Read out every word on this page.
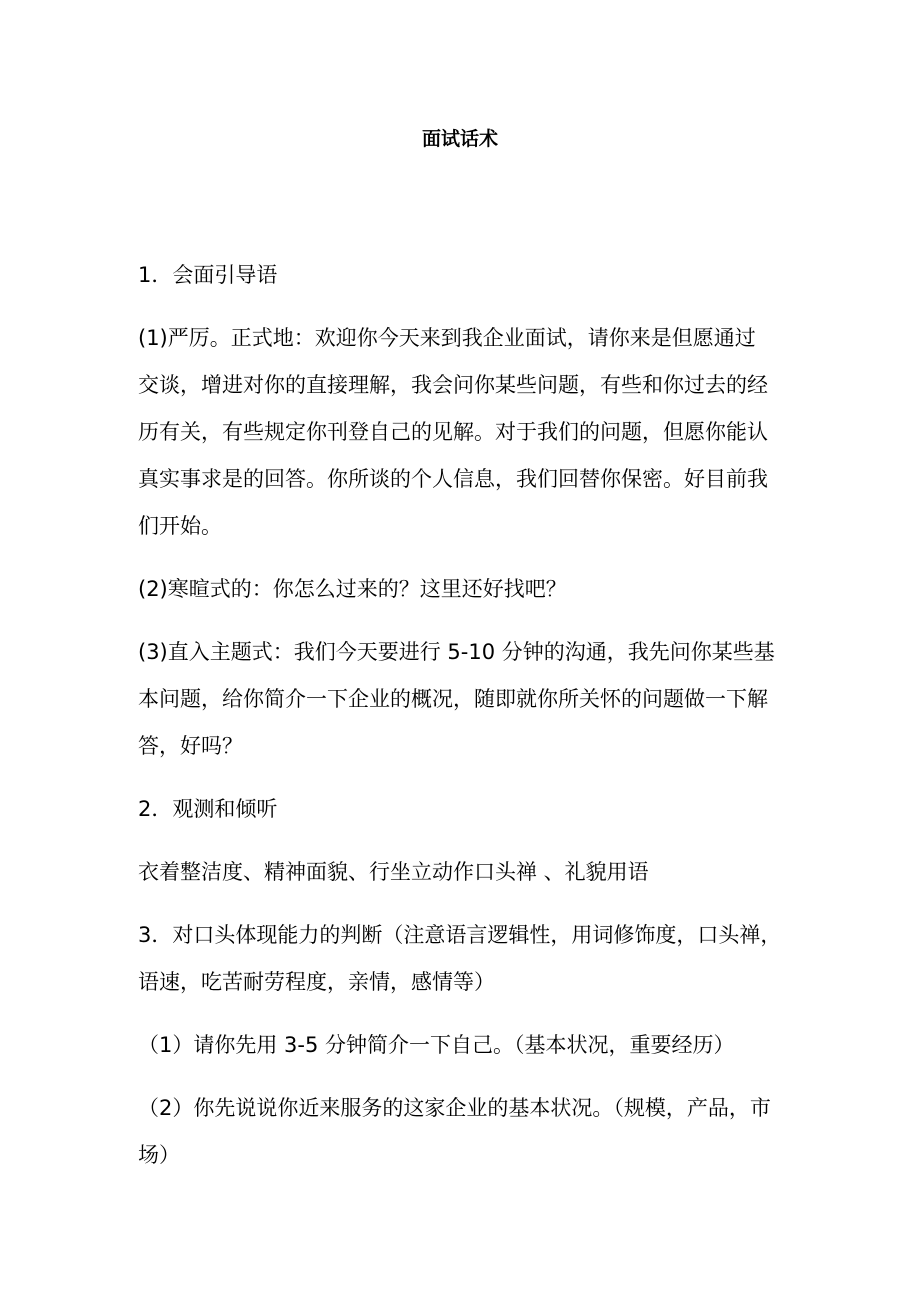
面试话术

1．会面引导语

(1)严厉。正式地：欢迎你今天来到我企业面试，请你来是但愿通过

交谈，增进对你的直接理解，我会问你某些问题，有些和你过去的经

历有关，有些规定你刊登自己的见解。对于我们的问题，但愿你能认

真实事求是的回答。你所谈的个人信息，我们回替你保密。好目前我

们开始。

(2)寒暄式的：你怎么过来的？这里还好找吧？

(3)直入主题式：我们今天要进行 5-10 分钟的沟通，我先问你某些基

本问题，给你简介一下企业的概况，随即就你所关怀的问题做一下解

答，好吗？

2．观测和倾听

衣着整洁度、精神面貌、行坐立动作口头禅 、礼貌用语

3．对口头体现能力的判断（注意语言逻辑性，用词修饰度，口头禅，

语速，吃苦耐劳程度，亲情，感情等）

（1）请你先用 3-5 分钟简介一下自己。（基本状况，重要经历）

（2）你先说说你近来服务的这家企业的基本状况。（规模，产品，市

场）
